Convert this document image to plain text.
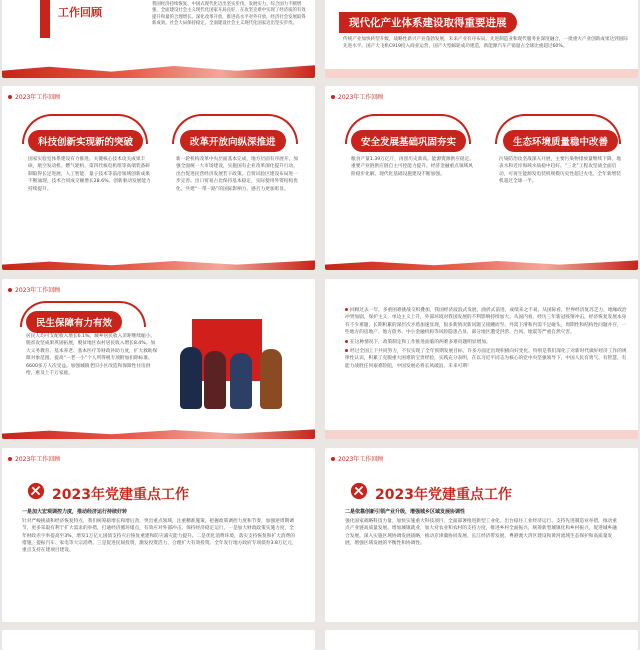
工作回顾
我国经济持续恢复、中国式现代化迈出坚实步伐，发展实力、综合国力不断增强，全面建设社会主义现代化国家开局良好，在攻坚克难中实现了经济质的有效提升和量的合理增长。深化改革开放，推进高水平对外开放，经济社会发展取得新成效。社会大局保持稳定。全面建设社会主义现代化国家迈出坚实步伐。	现代化产业体系建设取得重要进展
传统产业加快转型升级，战略性新兴产业蓬勃发展，未来产业有序布局。先进制造业和现代服务业深度融合，一批重大产业创新成果达到国际先进水平。国产大飞机C919投入商业运营，国产大型邮轮成功建造，新能源汽车产销量占全球比重超过60%。
2023年工作回顾
科技创新实现新的突破	改革开放向纵深推进
国家实验室体系建设有力推进。关键核心技术攻关成果丰硕，航空发动机、燃气轮机、第四代核电机组等高端装备研制取得长足进展，人工智能、量子技术等前沿领域创新成果不断涌现。技术合同成交额增长28.6%。创新驱动发展能力持续提升。
新一轮机构改革中央层面基本完成，地方层面有序展开。加强全面统一大市场建设，实施国有企业改革深化提升行动，出台促进民营经济发展若干政策。自贸试验区建设布局进一步完善。出口贸易占比保持基本稳定，实际使用外资结构优化，共建“一带一路”的国际影响力、感召力更加彰显。
2023年工作回顾
安全发展基础巩固夯实	生态环境质量稳中改善
粮食产量1.39万亿斤，再创历史新高。能源资源供应稳定。重要产业链供应链自主可控能力提升。经济金融重点领域风险稳步化解。现代化基础设施建设不断加强。
污染防治攻坚战深入开展，主要污染物排放量继续下降，地表水和近岸海域水质稳中趋好。“三北”工程攻坚战全面启动，可再生能源发电装机规模历史性超过火电，全年新增装机超过全球一半。
2023年工作回顾
民生保障有力有效
居民人均可支配收入增长6.1%。城乡居民收入差距继续缩小。脱贫攻坚成果巩固拓展，脱贫地区农村居民收入增长8.4%。加大义务教育、基本养老、基本医疗等财政补助力度，扩大救助保障对象范围。提高“一老一小”个人所得税专项附加扣除标准。6600多万人次受益。加强城镇老旧小区改造和保障性住房供给，惠及上千万家庭。
回顾过去一年，多重困难挑战交织叠加，我国经济波浪式发展，曲折式前进，成绩来之不易。从国际看，世界经济复苏乏力，地缘政治冲突加剧，保护主义、单边主义上升，外部环境对我国发展的不利影响持续加大。从国内看，经历三年新冠疫情冲击，经济恢复发展本身有不少难题，长期积累的深层次矛盾加速显现，很多新情况新问题又接踵而至。外需下滑和内需不足碰头，周期性和结构性问题并存，一些地方的房地产、地方债务、中小金融机构等风险隐患凸显，部分地区遭受洪涝、台风、地震等严重自然灾害。
在这种情况下，政策制定和工作推进面临的两难多难问题明显增加。
经过全国上下共同努力，不仅实现了全年预期发展目标，许多方面还出现积极向好变化。特别是我们深化了对新时代做好经济工作的规律性认识，积累了克服重大困难的宝贵经验，实践充分表明，在以习近平同志为核心的党中央坚强领导下，中国人民有勇气、有智慧、有能力战胜任何艰难险阻，中国发展必将长风破浪、未来可期！
2023年工作回顾
2023年党建重点工作
一是加大宏观调控力度，推动经济运行持续好转
针对严峻挑战和经济恢复特点，我们统筹稳增长和增后劲，突出重点领域，注重精准施策，把握政策调控力度和节奏，加强逆周期调节，更多采取有利于扩大需求的举措，打通经济循环堵点，有效应对外部冲击，保持经济稳定运行。一是加大财政政策实施力度，全年财政赤字率提高至3%，增发1万亿元国债支持灾后恢复重建和防灾减灾能力提升。二是优化消费环境，落实支持恢复和扩大消费的措施，提振汽车、家电等大宗消费。三是促进民间投资，激发投资活力，合理扩大有效投资。全年发行地方政府专项债券3.8万亿元，重点支持在建项目建设。
2023年工作回顾
2023年党建重点工作
二是依靠创新引领产业升级，增强城乡区域发展协调性
强化国家战略科技力量，加快实施重大科技项目，全面部署推进新型工业化。出台稳住工业经济运行、支持先进制造业举措，推动重点产业链高质量发展。增加城镇就业，加大对农业和农村的支持力度，推进乡村全面振兴，统筹新型城镇化和乡村振兴，促进城乡融合发展。深入实施区域协调发展战略，推动京津冀协同发展、长江经济带发展、粤港澳大湾区建设和黄河流域生态保护和高质量发展，增强区域发展的平衡性和协调性。
